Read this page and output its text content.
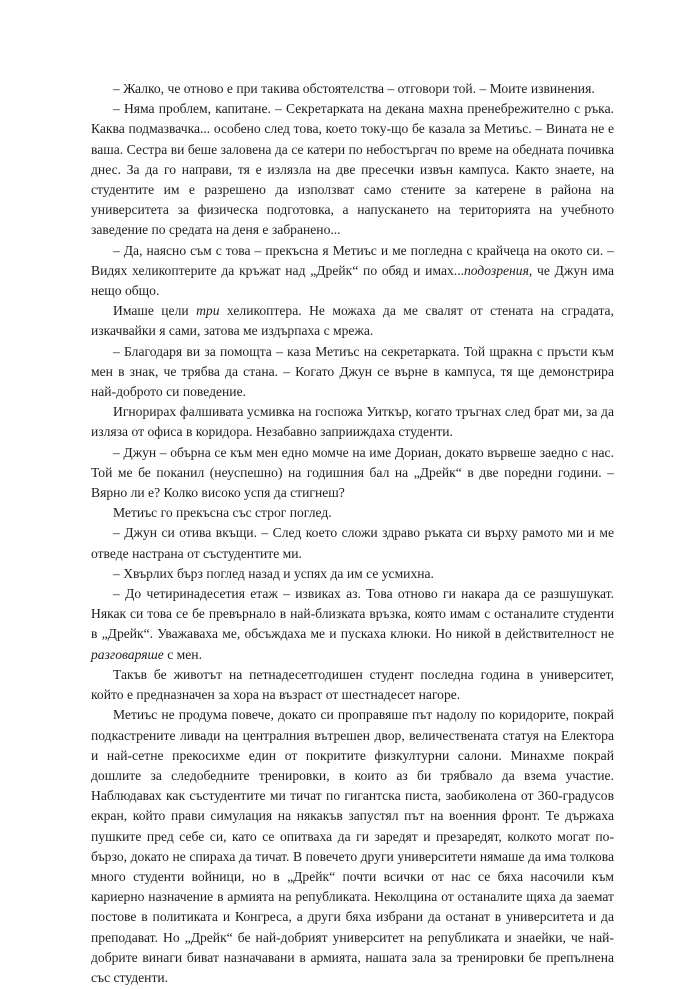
– Жалко, че отново е при такива обстоятелства – отговори той. – Моите извинения.

– Няма проблем, капитане. – Секретарката на декана махна пренебрежително с ръка. Каква подмазвачка... особено след това, което току-що бе казала за Метиъс. – Вината не е ваша. Сестра ви беше заловена да се катери по небостъргач по време на обедната почивка днес. За да го направи, тя е излязла на две пресечки извън кампуса. Както знаете, на студентите им е разрешено да използват само стените за катерене в района на университета за физическа подготовка, а напускането на територията на учебното заведение по средата на деня е забранено...

– Да, наясно съм с това – прекъсна я Метиъс и ме погледна с крайчеца на окото си. – Видях хеликоптерите да кръжат над „Дрейк“ по обяд и имах...подозрения, че Джун има нещо общо.

Имаше цели три хеликоптера. Не можаха да ме свалят от стената на сградата, изкачвайки я сами, затова ме издърпаха с мрежа.

– Благодаря ви за помощта – каза Метиъс на секретарката. Той щракна с пръсти към мен в знак, че трябва да стана. – Когато Джун се върне в кампуса, тя ще демонстрира най-доброто си поведение.

Игнорирах фалшивата усмивка на госпожа Уиткър, когато тръгнах след брат ми, за да изляза от офиса в коридора. Незабавно заприиждаха студенти.

– Джун – обърна се към мен едно момче на име Дориан, докато вървеше заедно с нас. Той ме бе поканил (неуспешно) на годишния бал на „Дрейк“ в две поредни години. – Вярно ли е? Колко високо успя да стигнеш?

Метиъс го прекъсна със строг поглед.

– Джун си отива вкъщи. – След което сложи здраво ръката си върху рамото ми и ме отведе настрана от състудентите ми.

– Хвърлих бърз поглед назад и успях да им се усмихна.

– До четиринадесетия етаж – извиках аз. Това отново ги накара да се разшушукат. Някак си това се бе превърнало в най-близката връзка, която имам с останалите студенти в „Дрейк“. Уважаваха ме, обсъждаха ме и пускаха клюки. Но никой в действителност не разговаряше с мен.

Такъв бе животът на петнадесетгодишен студент последна година в университет, който е предназначен за хора на възраст от шестнадесет нагоре.

Метиъс не продума повече, докато си проправяше път надолу по коридорите, покрай подкастрените ливади на централния вътрешен двор, величествената статуя на Електора и най-сетне прекосихме един от покритите физкултурни салони. Минахме покрай дошлите за следобедните тренировки, в които аз би трябвало да взема участие. Наблюдавах как състудентите ми тичат по гигантска писта, заобиколена от 360-градусов екран, който прави симулация на някакъв запустял път на военния фронт. Те държаха пушките пред себе си, като се опитваха да ги заредят и презаредят, колкото могат по-бързо, докато не спираха да тичат. В повечето други университети нямаше да има толкова много студенти войници, но в „Дрейк“ почти всички от нас се бяха насочили към кариерно назначение в армията на републиката. Неколцина от останалите щяха да заемат постове в политиката и Конгреса, а други бяха избрани да останат в университета и да преподават. Но „Дрейк“ бе най-добрият университет на републиката и знаейки, че най-добрите винаги биват назначавани в армията, нашата зала за тренировки бе препълнена със студенти.
